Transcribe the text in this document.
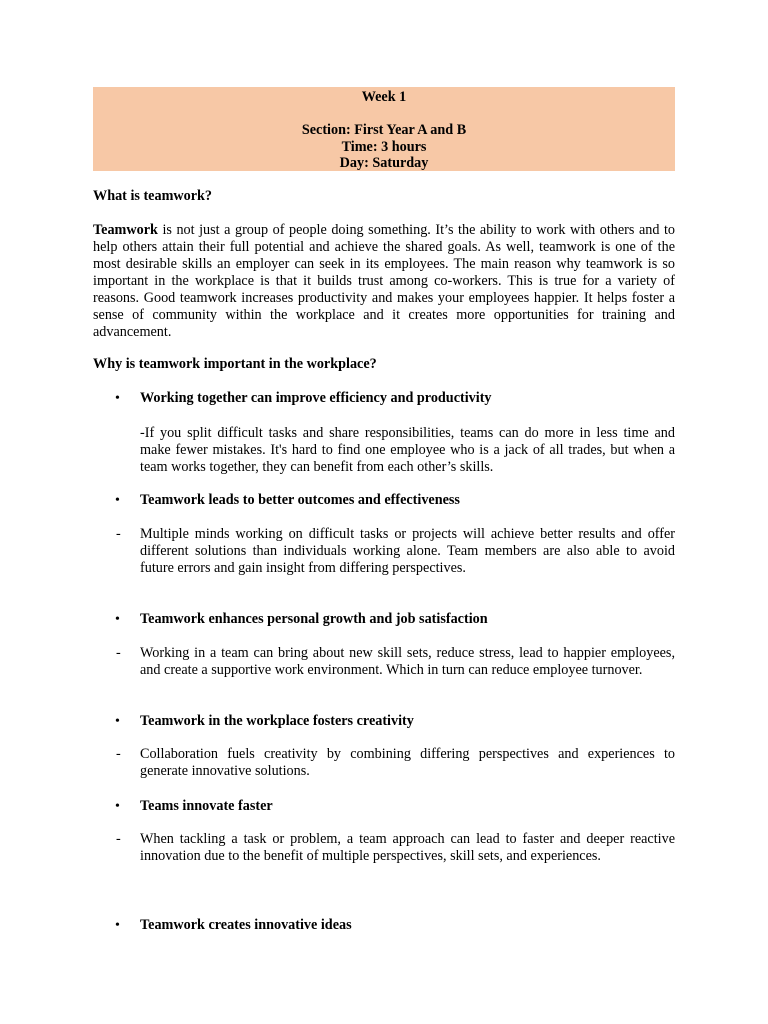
Week 1
Section: First Year A and B
Time: 3 hours
Day: Saturday
What is teamwork?
Teamwork is not just a group of people doing something. It’s the ability to work with others and to help others attain their full potential and achieve the shared goals. As well, teamwork is one of the most desirable skills an employer can seek in its employees. The main reason why teamwork is so important in the workplace is that it builds trust among co-workers. This is true for a variety of reasons. Good teamwork increases productivity and makes your employees happier. It helps foster a sense of community within the workplace and it creates more opportunities for training and advancement.
Why is teamwork important in the workplace?
• Working together can improve efficiency and productivity
-If you split difficult tasks and share responsibilities, teams can do more in less time and make fewer mistakes. It's hard to find one employee who is a jack of all trades, but when a team works together, they can benefit from each other’s skills.
• Teamwork leads to better outcomes and effectiveness
- Multiple minds working on difficult tasks or projects will achieve better results and offer different solutions than individuals working alone. Team members are also able to avoid future errors and gain insight from differing perspectives.
• Teamwork enhances personal growth and job satisfaction
- Working in a team can bring about new skill sets, reduce stress, lead to happier employees, and create a supportive work environment. Which in turn can reduce employee turnover.
• Teamwork in the workplace fosters creativity
- Collaboration fuels creativity by combining differing perspectives and experiences to generate innovative solutions.
• Teams innovate faster
- When tackling a task or problem, a team approach can lead to faster and deeper reactive innovation due to the benefit of multiple perspectives, skill sets, and experiences.
• Teamwork creates innovative ideas
